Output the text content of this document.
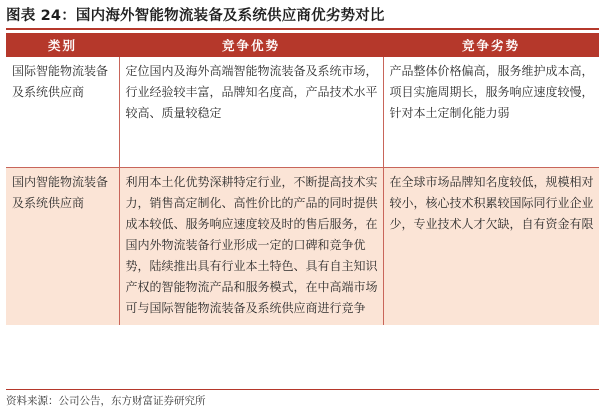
图表 24：国内海外智能物流装备及系统供应商优劣势对比
类别	竞争优势	竞争劣势
国际智能物流装备及系统供应商	定位国内及海外高端智能物流装备及系统市场，行业经验较丰富，品牌知名度高，产品技术水平较高、质量较稳定	产品整体价格偏高，服务维护成本高，项目实施周期长，服务响应速度较慢，针对本土定制化能力弱
国内智能物流装备及系统供应商	利用本土化优势深耕特定行业，不断提高技术实力，销售高定制化、高性价比的产品的同时提供成本较低、服务响应速度较及时的售后服务，在国内外物流装备行业形成一定的口碑和竞争优势，陆续推出具有行业本土特色、具有自主知识产权的智能物流产品和服务模式，在中高端市场可与国际智能物流装备及系统供应商进行竞争	在全球市场品牌知名度较低，规模相对较小，核心技术积累较国际同行业企业少，专业技术人才欠缺，自有资金有限
资料来源：公司公告，东方财富证券研究所
